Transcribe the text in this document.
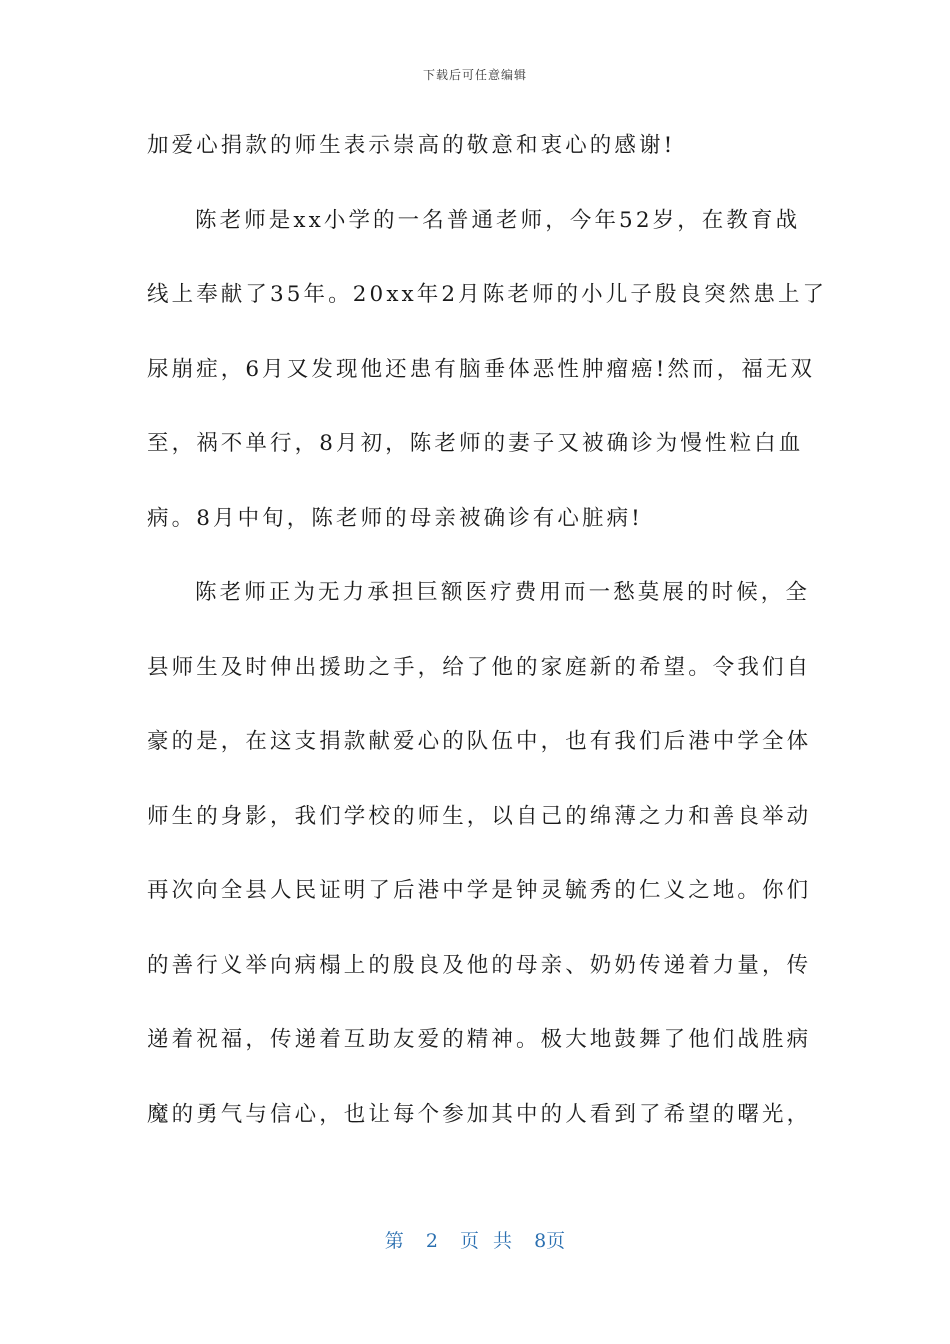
下载后可任意编辑
加爱心捐款的师生表示崇高的敬意和衷心的感谢!
陈老师是xx小学的一名普通老师，今年52岁，在教育战
线上奉献了35年。20xx年2月陈老师的小儿子殷良突然患上了
尿崩症，6月又发现他还患有脑垂体恶性肿瘤癌!然而，福无双
至，祸不单行，8月初，陈老师的妻子又被确诊为慢性粒白血
病。8月中旬，陈老师的母亲被确诊有心脏病!
陈老师正为无力承担巨额医疗费用而一愁莫展的时候，全
县师生及时伸出援助之手，给了他的家庭新的希望。令我们自
豪的是，在这支捐款献爱心的队伍中，也有我们后港中学全体
师生的身影，我们学校的师生，以自己的绵薄之力和善良举动
再次向全县人民证明了后港中学是钟灵毓秀的仁义之地。你们
的善行义举向病榻上的殷良及他的母亲、奶奶传递着力量，传
递着祝福，传递着互助友爱的精神。极大地鼓舞了他们战胜病
魔的勇气与信心，也让每个参加其中的人看到了希望的曙光，
第 2 页 共 8页
